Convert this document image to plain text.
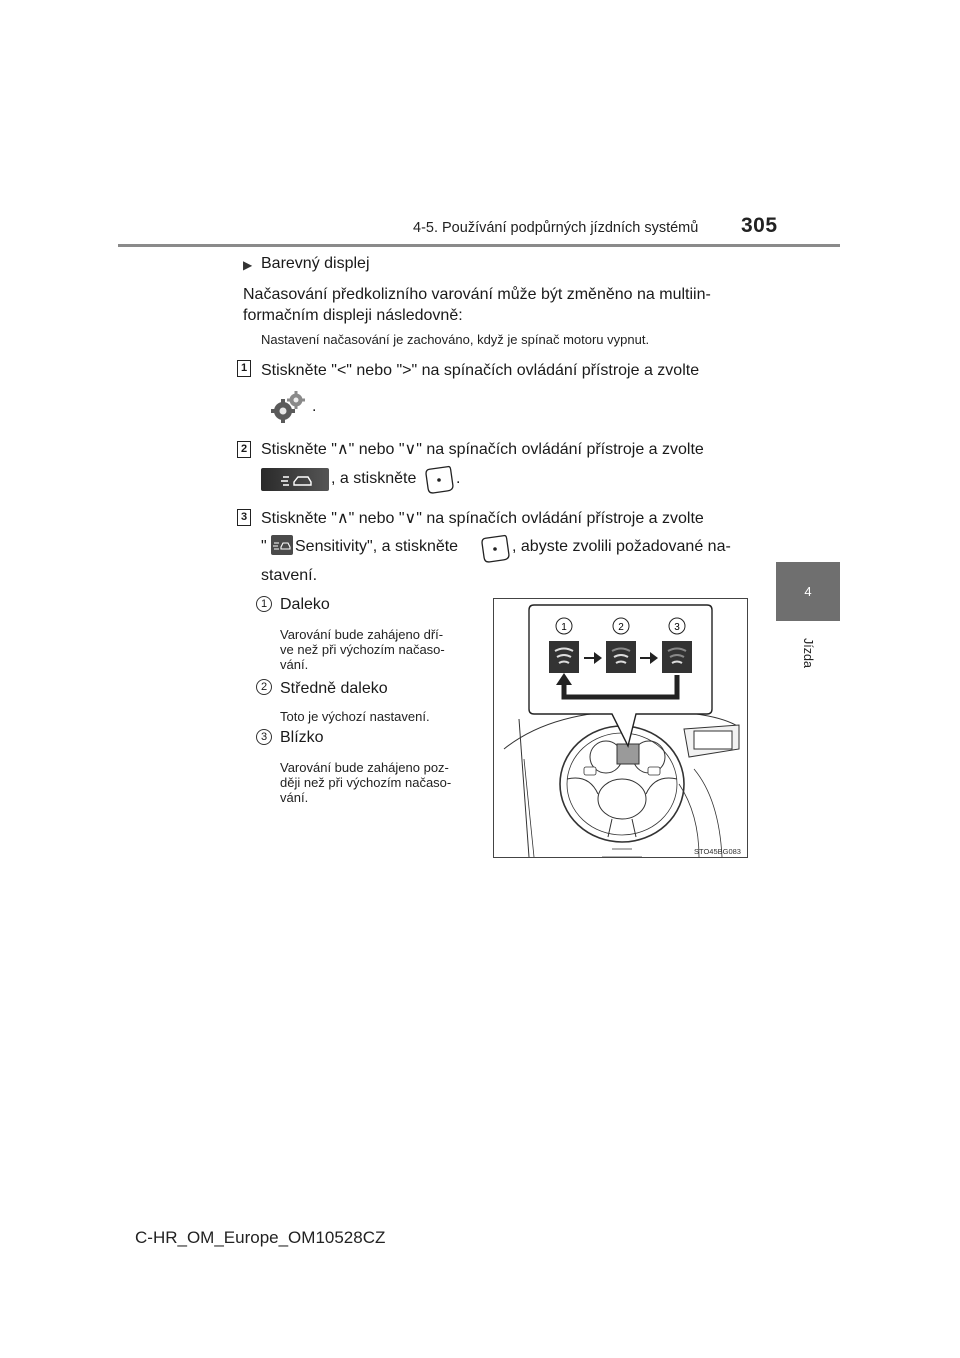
4-5. Používání podpůrných jízdních systémů 305
4
Jízda
▶ Barevný displej
Načasování předkolizního varování může být změněno na multiin-
formačním displeji následovně:
Nastavení načasování je zachováno, když je spínač motoru vypnut.
1 Stiskněte "<" nebo ">" na spínačích ovládání přístroje a zvolte
.
2 Stiskněte "∧" nebo "∨" na spínačích ovládání přístroje a zvolte
, a stiskněte .
3 Stiskněte "∧" nebo "∨" na spínačích ovládání přístroje a zvolte
" Sensitivity", a stiskněte	, abyste zvolili požadované na-
stavení.
1 Daleko
Varování bude zahájeno dří-
ve než při výchozím načaso-
vání.
2 Středně daleko
Toto je výchozí nastavení.
3 Blízko
Varování bude zahájeno poz-
ději než při výchozím načaso-
vání.
1	2	3
STO45BG083
C-HR_OM_Europe_OM10528CZ
